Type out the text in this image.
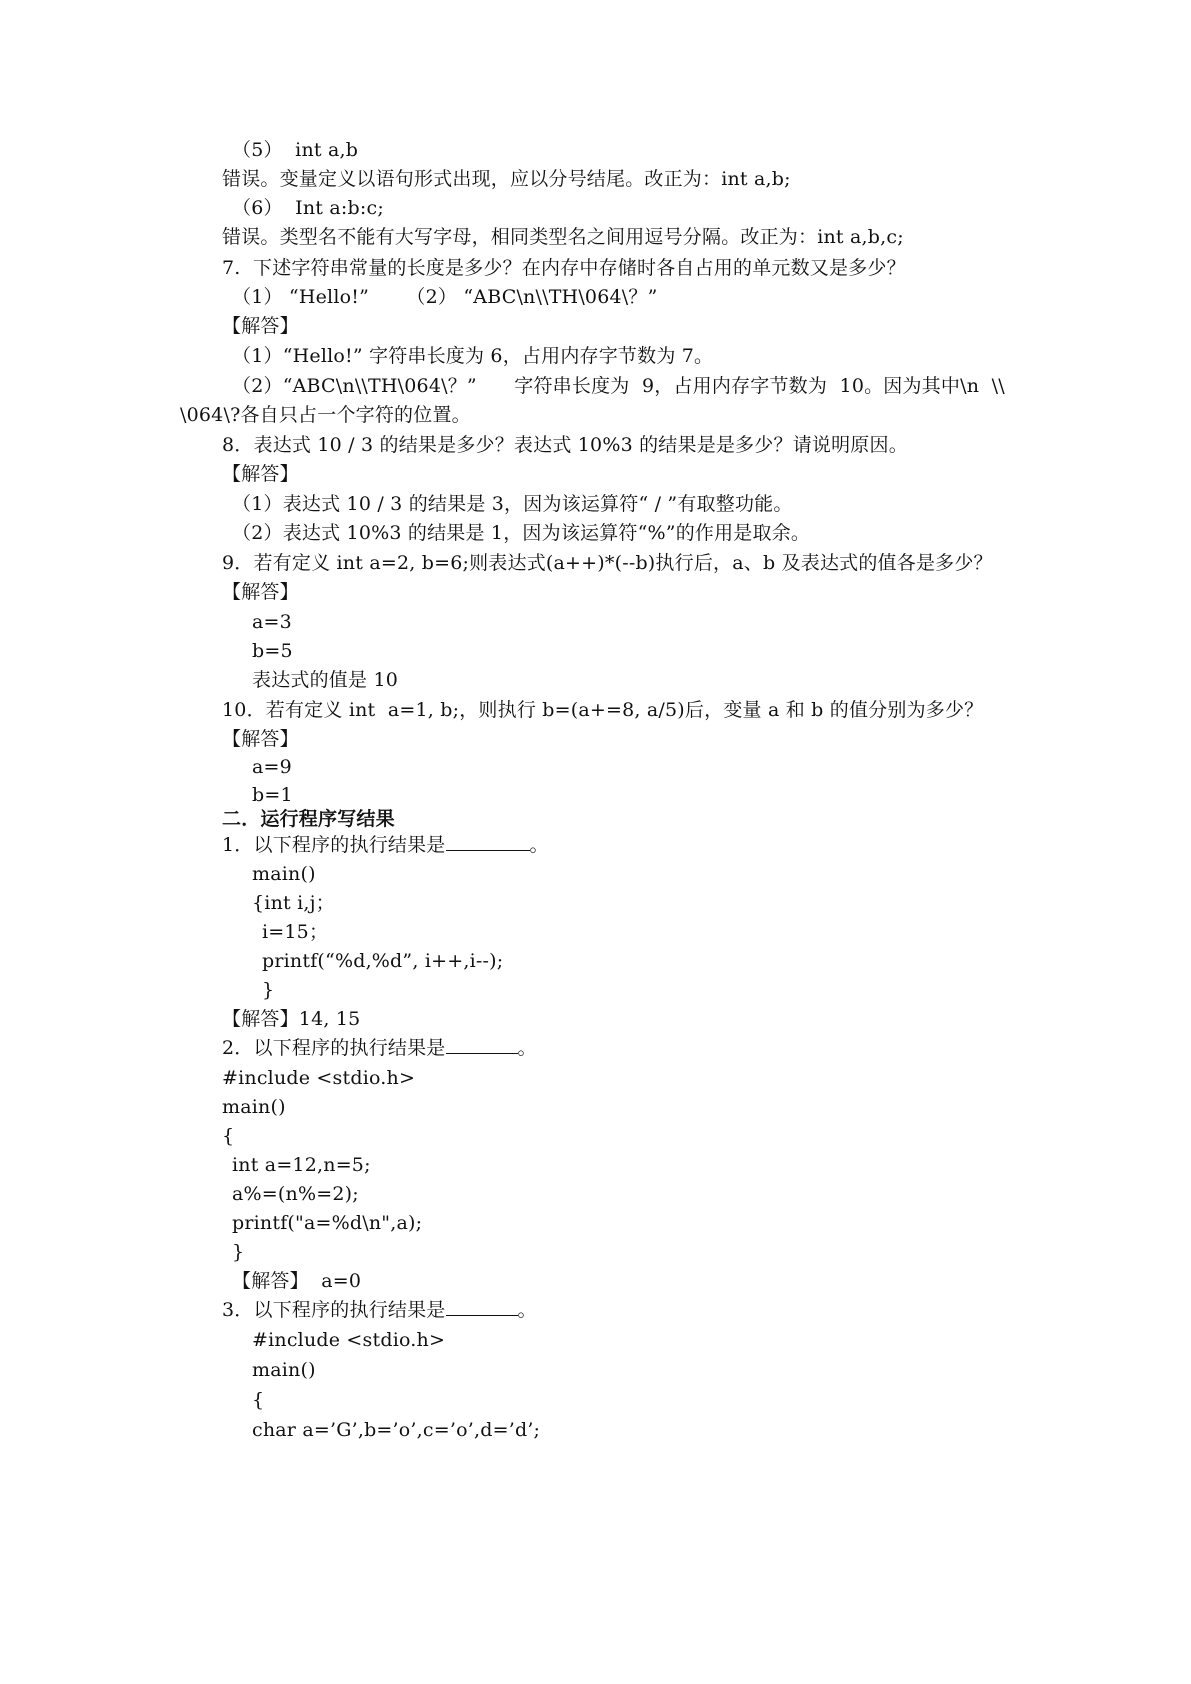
（5）  int a,b
错误。变量定义以语句形式出现，应以分号结尾。改正为：int a,b;
（6）  Int a:b:c;
错误。类型名不能有大写字母，相同类型名之间用逗号分隔。改正为：int a,b,c;
7.  下述字符串常量的长度是多少？在内存中存储时各自占用的单元数又是多少？
（1） “Hello!”      （2） “ABC\n\\TH\064\？”
【解答】
（1）“Hello!” 字符串长度为 6，占用内存字节数为 7。
（2）“ABC\n\\TH\064\？”      字符串长度为  9，占用内存字节数为  10。因为其中\n  \\
\064\?各自只占一个字符的位置。
8．表达式 10 / 3 的结果是多少？表达式 10%3 的结果是是多少？请说明原因。
【解答】
（1）表达式 10 / 3 的结果是 3，因为该运算符“ / ”有取整功能。
（2）表达式 10%3 的结果是 1，因为该运算符“%”的作用是取余。
9．若有定义 int a=2, b=6;则表达式(a++)*(--b)执行后，a、b 及表达式的值各是多少？
【解答】
a=3
b=5
表达式的值是 10
10．若有定义 int  a=1, b;，则执行 b=(a+=8, a/5)后，变量 a 和 b 的值分别为多少？
【解答】
a=9
b=1
二．运行程序写结果
1．以下程序的执行结果是	。
main()
{int i,j；
i=15；
printf(“%d,%d”, i++,i--);
}
【解答】14, 15
2．以下程序的执行结果是	。
#include <stdio.h>
main()
{
int a=12,n=5;
a%=(n%=2);
printf("a=%d\n",a);
}
【解答】  a=0
3．以下程序的执行结果是	。
#include <stdio.h>
main()
{
char a=’G’,b=’o’,c=’o’,d=’d’;
